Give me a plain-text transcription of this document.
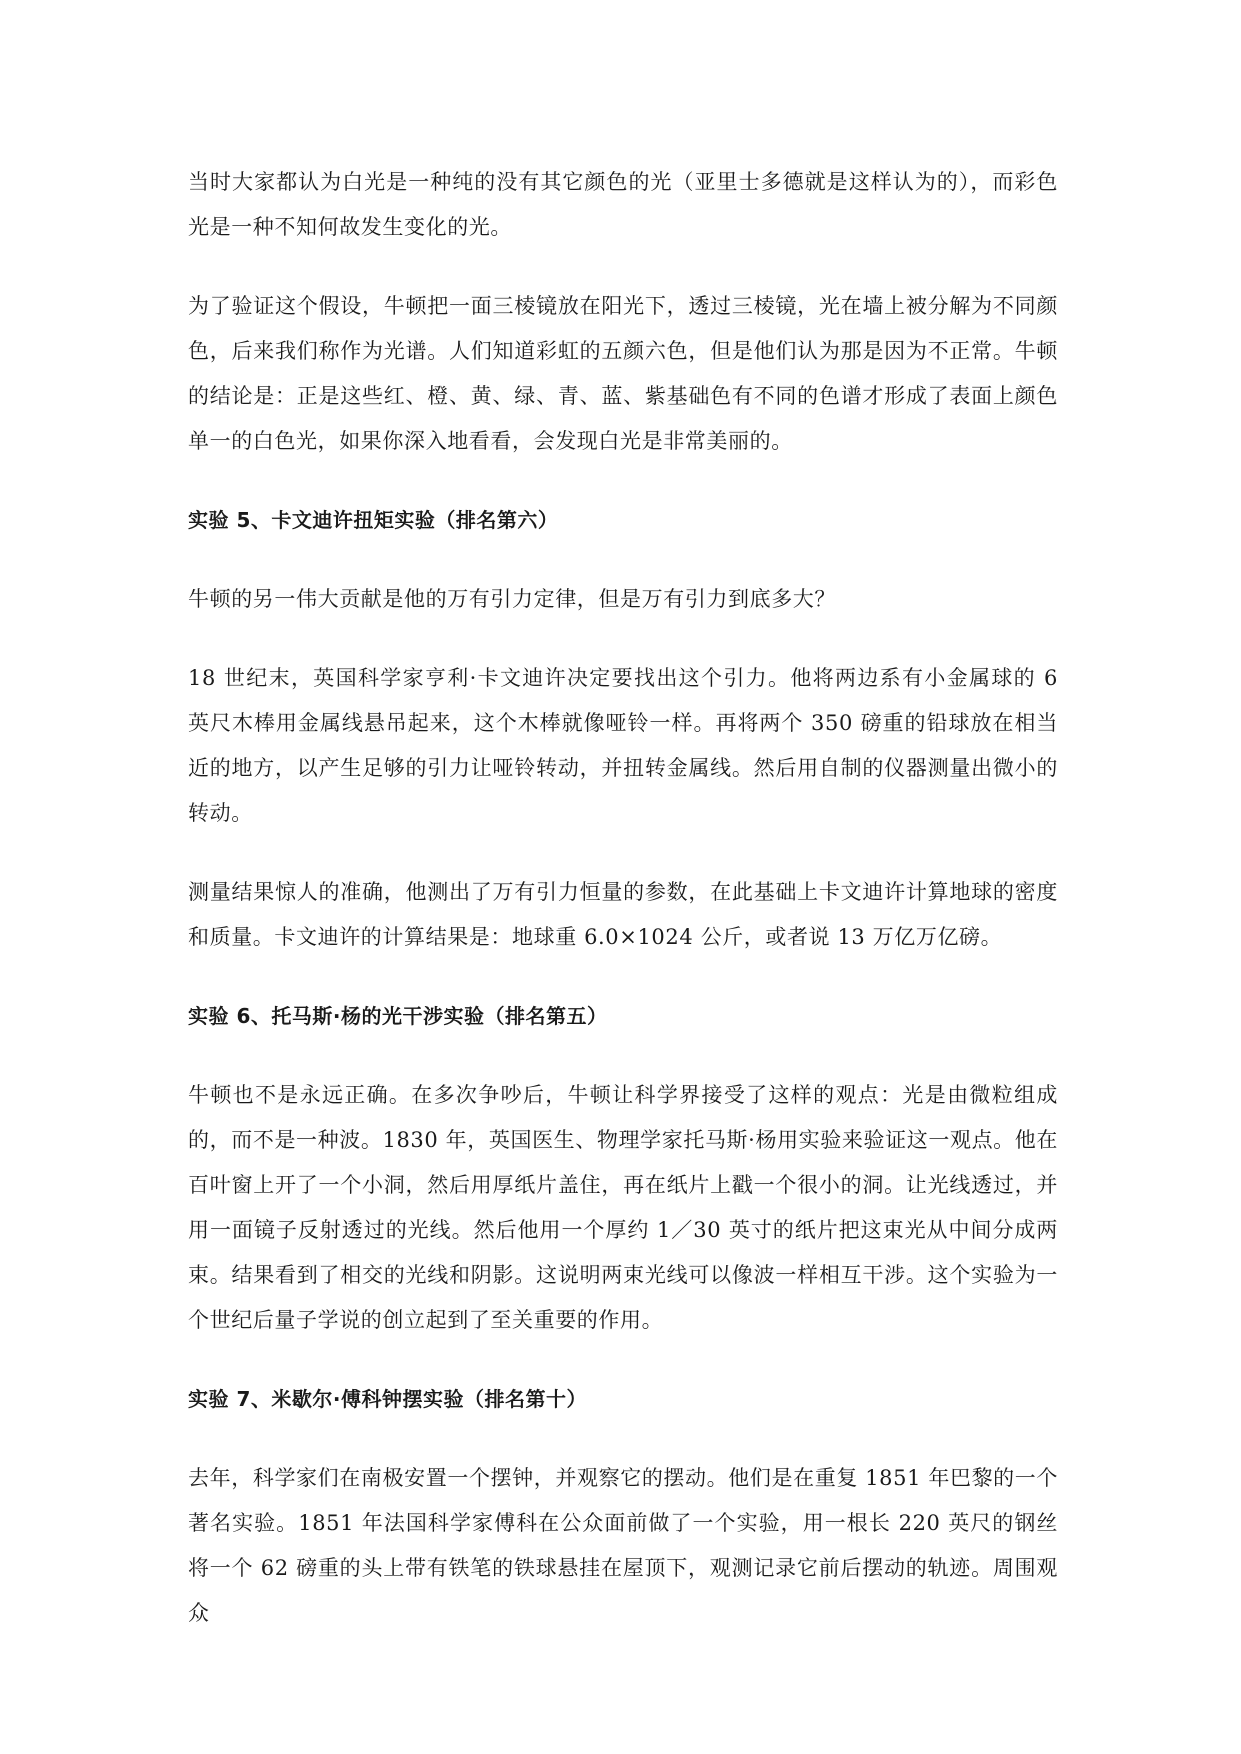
当时大家都认为白光是一种纯的没有其它颜色的光（亚里士多德就是这样认为的），而彩色光是一种不知何故发生变化的光。

为了验证这个假设，牛顿把一面三棱镜放在阳光下，透过三棱镜，光在墙上被分解为不同颜色，后来我们称作为光谱。人们知道彩虹的五颜六色，但是他们认为那是因为不正常。牛顿的结论是：正是这些红、橙、黄、绿、青、蓝、紫基础色有不同的色谱才形成了表面上颜色单一的白色光，如果你深入地看看，会发现白光是非常美丽的。

实验 5、卡文迪许扭矩实验（排名第六）

牛顿的另一伟大贡献是他的万有引力定律，但是万有引力到底多大？

18 世纪末，英国科学家亨利·卡文迪许决定要找出这个引力。他将两边系有小金属球的 6 英尺木棒用金属线悬吊起来，这个木棒就像哑铃一样。再将两个 350 磅重的铅球放在相当近的地方，以产生足够的引力让哑铃转动，并扭转金属线。然后用自制的仪器测量出微小的转动。

测量结果惊人的准确，他测出了万有引力恒量的参数，在此基础上卡文迪许计算地球的密度和质量。卡文迪许的计算结果是：地球重 6.0×1024 公斤，或者说 13 万亿万亿磅。

实验 6、托马斯·杨的光干涉实验（排名第五）

牛顿也不是永远正确。在多次争吵后，牛顿让科学界接受了这样的观点：光是由微粒组成的，而不是一种波。1830 年，英国医生、物理学家托马斯·杨用实验来验证这一观点。他在百叶窗上开了一个小洞，然后用厚纸片盖住，再在纸片上戳一个很小的洞。让光线透过，并用一面镜子反射透过的光线。然后他用一个厚约 1／30 英寸的纸片把这束光从中间分成两束。结果看到了相交的光线和阴影。这说明两束光线可以像波一样相互干涉。这个实验为一个世纪后量子学说的创立起到了至关重要的作用。

实验 7、米歇尔·傅科钟摆实验（排名第十）

去年，科学家们在南极安置一个摆钟，并观察它的摆动。他们是在重复 1851 年巴黎的一个著名实验。1851 年法国科学家傅科在公众面前做了一个实验，用一根长 220 英尺的钢丝将一个 62 磅重的头上带有铁笔的铁球悬挂在屋顶下，观测记录它前后摆动的轨迹。周围观众
